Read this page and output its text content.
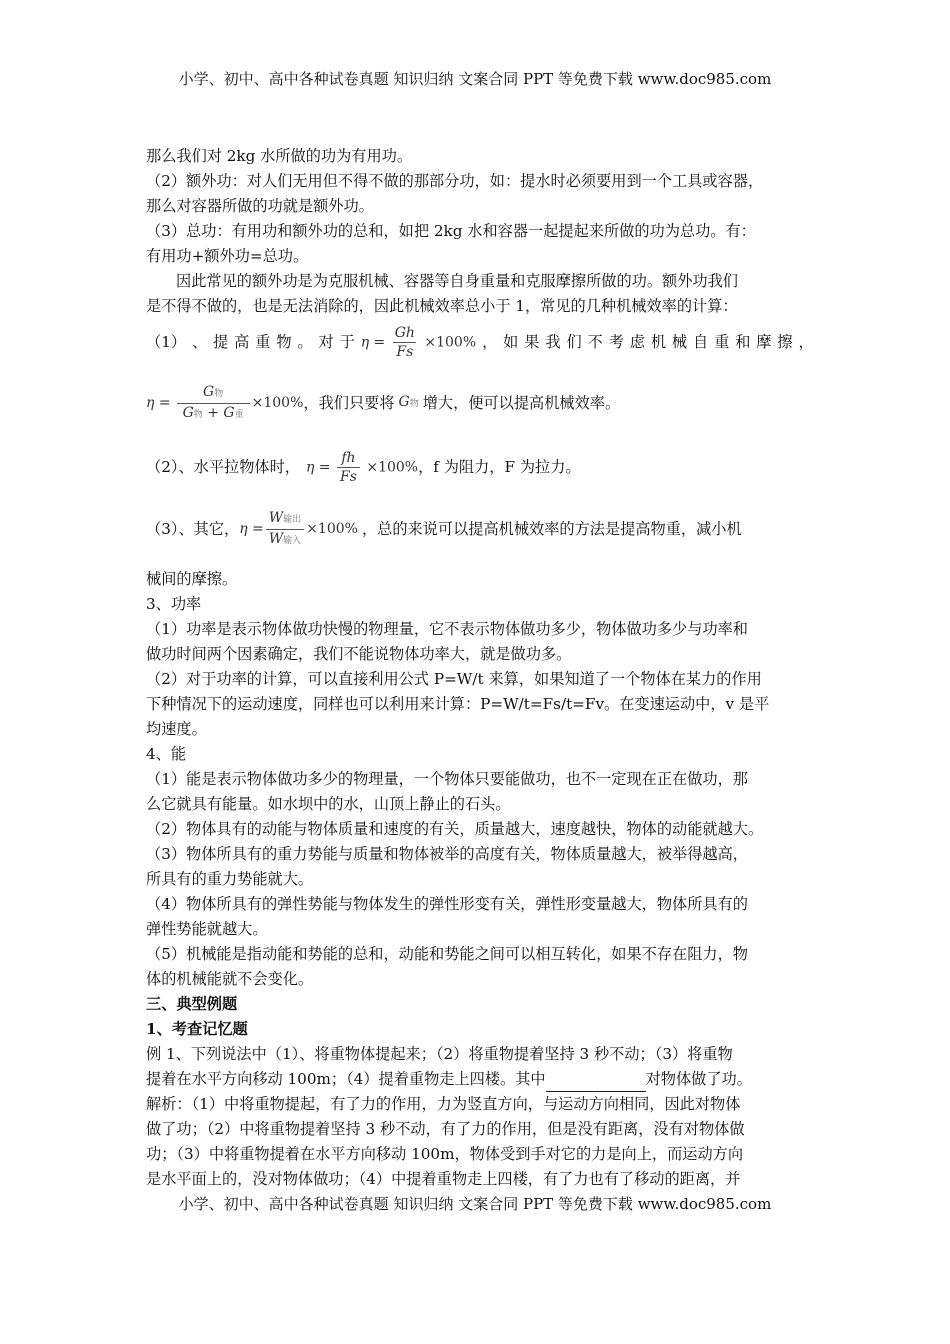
小学、初中、高中各种试卷真题 知识归纳 文案合同 PPT 等免费下载 www.doc985.com
那么我们对 2kg 水所做的功为有用功。
（2）额外功：对人们无用但不得不做的那部分功，如：提水时必须要用到一个工具或容器，
那么对容器所做的功就是额外功。
（3）总功：有用功和额外功的总和，如把 2kg 水和容器一起提起来所做的功为总功。有：
有用功+额外功=总功。
因此常见的额外功是为克服机械、容器等自身重量和克服摩擦所做的功。额外功我们
是不得不做的，也是无法消除的，因此机械效率总小于 1，常见的几种机械效率的计算：
（1） 、 提 高 重 物 。 对 于 $\eta = \frac{Gh}{Fs} \times 100\%$ ， 如 果 我 们 不 考 虑 机 械 自 重 和 摩 擦 ，
$\eta = \frac{\text{G物}}{\text{G物 + G重}} \times 100\%$ ，我们只要将 G物 增大，便可以提高机械效率。
（2）、水平拉物体时， $\eta = \frac{fh}{Fs} \times 100\%$ ，f 为阻力，F 为拉力。
（3）、其它， $\eta = \frac{\text{W输出}}{\text{W输入}} \times 100\%$ ，总的来说可以提高机械效率的方法是提高物重，减小机
械间的摩擦。
3、功率
（1）功率是表示物体做功快慢的物理量，它不表示物体做功多少，物体做功多少与功率和
做功时间两个因素确定，我们不能说物体功率大，就是做功多。
（2）对于功率的计算，可以直接利用公式 P=W/t 来算，如果知道了一个物体在某力的作用
下种情况下的运动速度，同样也可以利用来计算：P=W/t=Fs/t=Fv。在变速运动中，v 是平
均速度。
4、能
（1）能是表示物体做功多少的物理量，一个物体只要能做功，也不一定现在正在做功，那
么它就具有能量。如水坝中的水，山顶上静止的石头。
（2）物体具有的动能与物体质量和速度的有关，质量越大，速度越快，物体的动能就越大。
（3）物体所具有的重力势能与质量和物体被举的高度有关，物体质量越大，被举得越高，
所具有的重力势能就大。
（4）物体所具有的弹性势能与物体发生的弹性形变有关，弹性形变量越大，物体所具有的
弹性势能就越大。
（5）机械能是指动能和势能的总和，动能和势能之间可以相互转化，如果不存在阻力，物
体的机械能就不会变化。
三、典型例题
1、考查记忆题
例 1、下列说法中（1）、将重物体提起来；（2）将重物提着坚持 3 秒不动；（3）将重物
提着在水平方向移动 100m；（4）提着重物走上四楼。其中	对物体做了功。
解析：（1）中将重物提起，有了力的作用，力为竖直方向，与运动方向相同，因此对物体
做了功；（2）中将重物提着坚持 3 秒不动，有了力的作用，但是没有距离，没有对物体做
功；（3）中将重物提着在水平方向移动 100m，物体受到手对它的力是向上，而运动方向
是水平面上的，没对物体做功；（4）中提着重物走上四楼，有了力也有了移动的距离，并
小学、初中、高中各种试卷真题 知识归纳 文案合同 PPT 等免费下载 www.doc985.com
